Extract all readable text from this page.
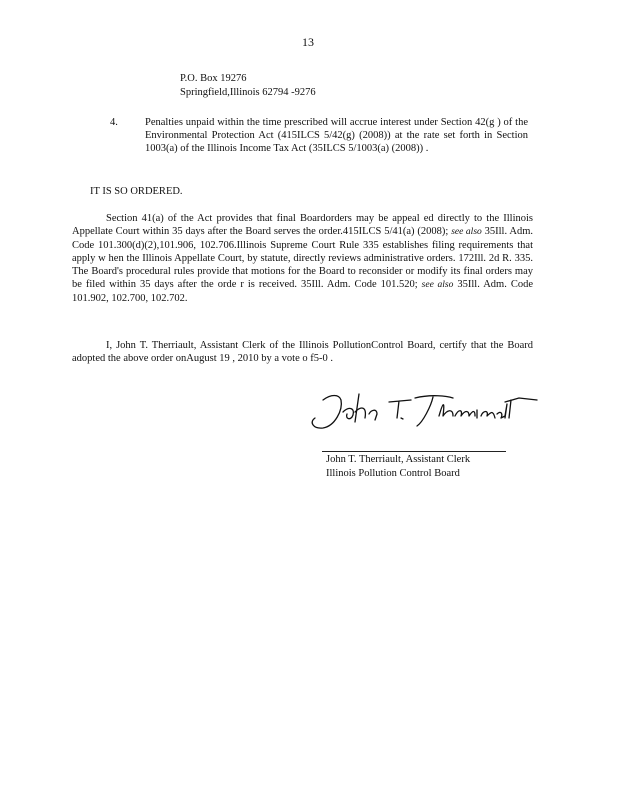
13
P.O. Box 19276
Springfield,Illinois 62794 -9276
4.	Penalties unpaid within the time prescribed will accrue interest under Section 42(g ) of the Environmental Protection Act (415ILCS 5/42(g) (2008)) at the rate set forth in Section 1003(a) of the Illinois Income Tax Act (35ILCS 5/1003(a) (2008)) .
IT IS SO ORDERED.

Section 41(a) of the Act provides that final Boardorders may be appeal ed directly to the Illinois Appellate Court within 35 days after the Board serves the order.415ILCS 5/41(a) (2008); see also 35Ill. Adm. Code 101.300(d)(2),101.906, 102.706.Illinois Supreme Court Rule 335 establishes filing requirements that apply w hen the Illinois Appellate Court, by statute, directly reviews administrative orders. 172Ill. 2d R. 335. The Board's procedural rules provide that motions for the Board to reconsider or modify its final orders may be filed within 35 days after the orde r is received. 35Ill. Adm. Code 101.520; see also 35Ill. Adm. Code 101.902, 102.700, 102.702.

I, John T. Therriault, Assistant Clerk of the Illinois PollutionControl Board, certify that the Board adopted the above order onAugust 19 , 2010 by a vote o f5-0 .

John T. Therriault, Assistant Clerk
Illinois Pollution Control Board
